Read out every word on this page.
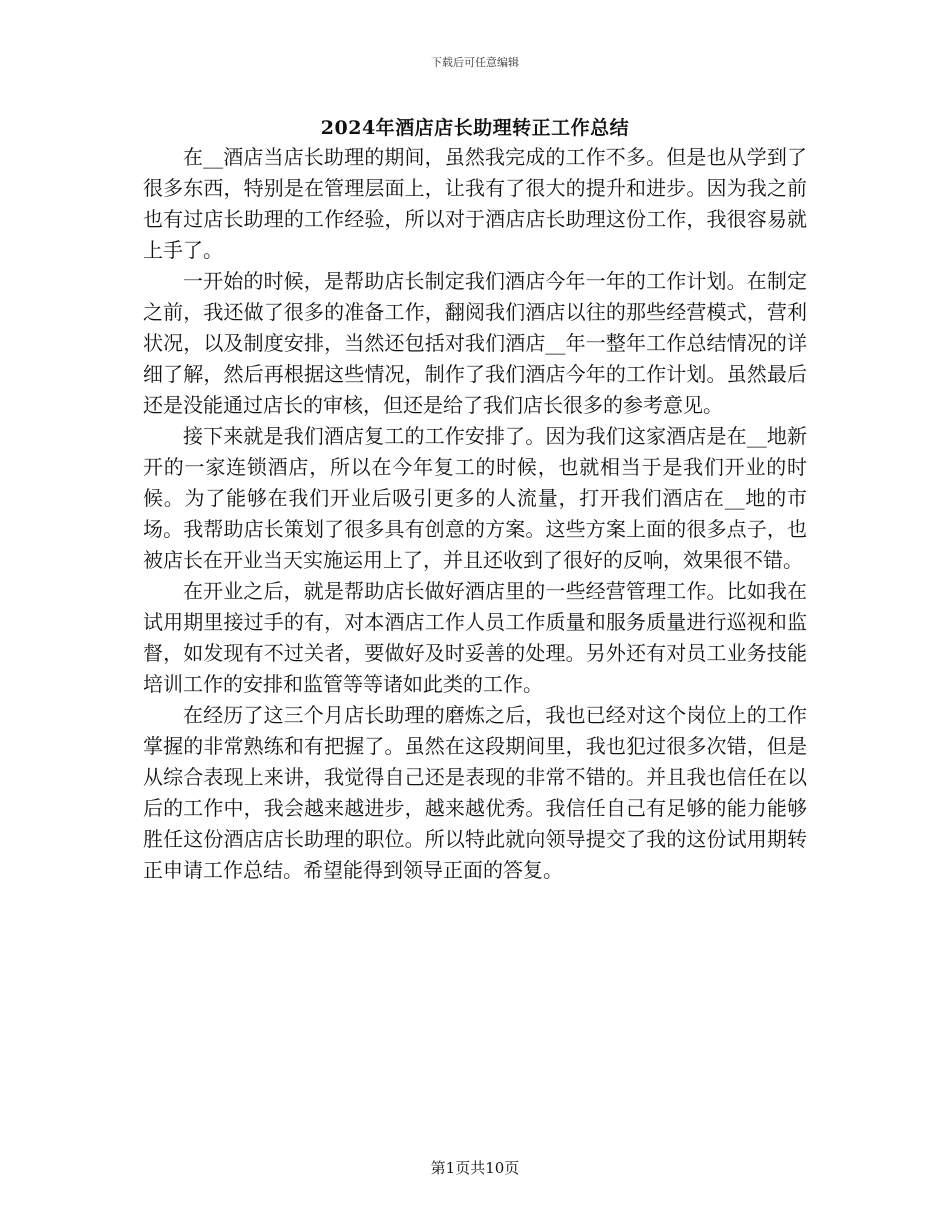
下载后可任意编辑
2024年酒店店长助理转正工作总结

在__酒店当店长助理的期间，虽然我完成的工作不多。但是也从学到了很多东西，特别是在管理层面上，让我有了很大的提升和进步。因为我之前也有过店长助理的工作经验，所以对于酒店店长助理这份工作，我很容易就上手了。

一开始的时候，是帮助店长制定我们酒店今年一年的工作计划。在制定之前，我还做了很多的准备工作，翻阅我们酒店以往的那些经营模式，营利状况，以及制度安排，当然还包括对我们酒店__年一整年工作总结情况的详细了解，然后再根据这些情况，制作了我们酒店今年的工作计划。虽然最后还是没能通过店长的审核，但还是给了我们店长很多的参考意见。

接下来就是我们酒店复工的工作安排了。因为我们这家酒店是在__地新开的一家连锁酒店，所以在今年复工的时候，也就相当于是我们开业的时候。为了能够在我们开业后吸引更多的人流量，打开我们酒店在__地的市场。我帮助店长策划了很多具有创意的方案。这些方案上面的很多点子，也被店长在开业当天实施运用上了，并且还收到了很好的反响，效果很不错。

在开业之后，就是帮助店长做好酒店里的一些经营管理工作。比如我在试用期里接过手的有，对本酒店工作人员工作质量和服务质量进行巡视和监督，如发现有不过关者，要做好及时妥善的处理。另外还有对员工业务技能培训工作的安排和监管等等诸如此类的工作。

在经历了这三个月店长助理的磨炼之后，我也已经对这个岗位上的工作掌握的非常熟练和有把握了。虽然在这段期间里，我也犯过很多次错，但是从综合表现上来讲，我觉得自己还是表现的非常不错的。并且我也信任在以后的工作中，我会越来越进步，越来越优秀。我信任自己有足够的能力能够胜任这份酒店店长助理的职位。所以特此就向领导提交了我的这份试用期转正申请工作总结。希望能得到领导正面的答复。

第1页共10页
